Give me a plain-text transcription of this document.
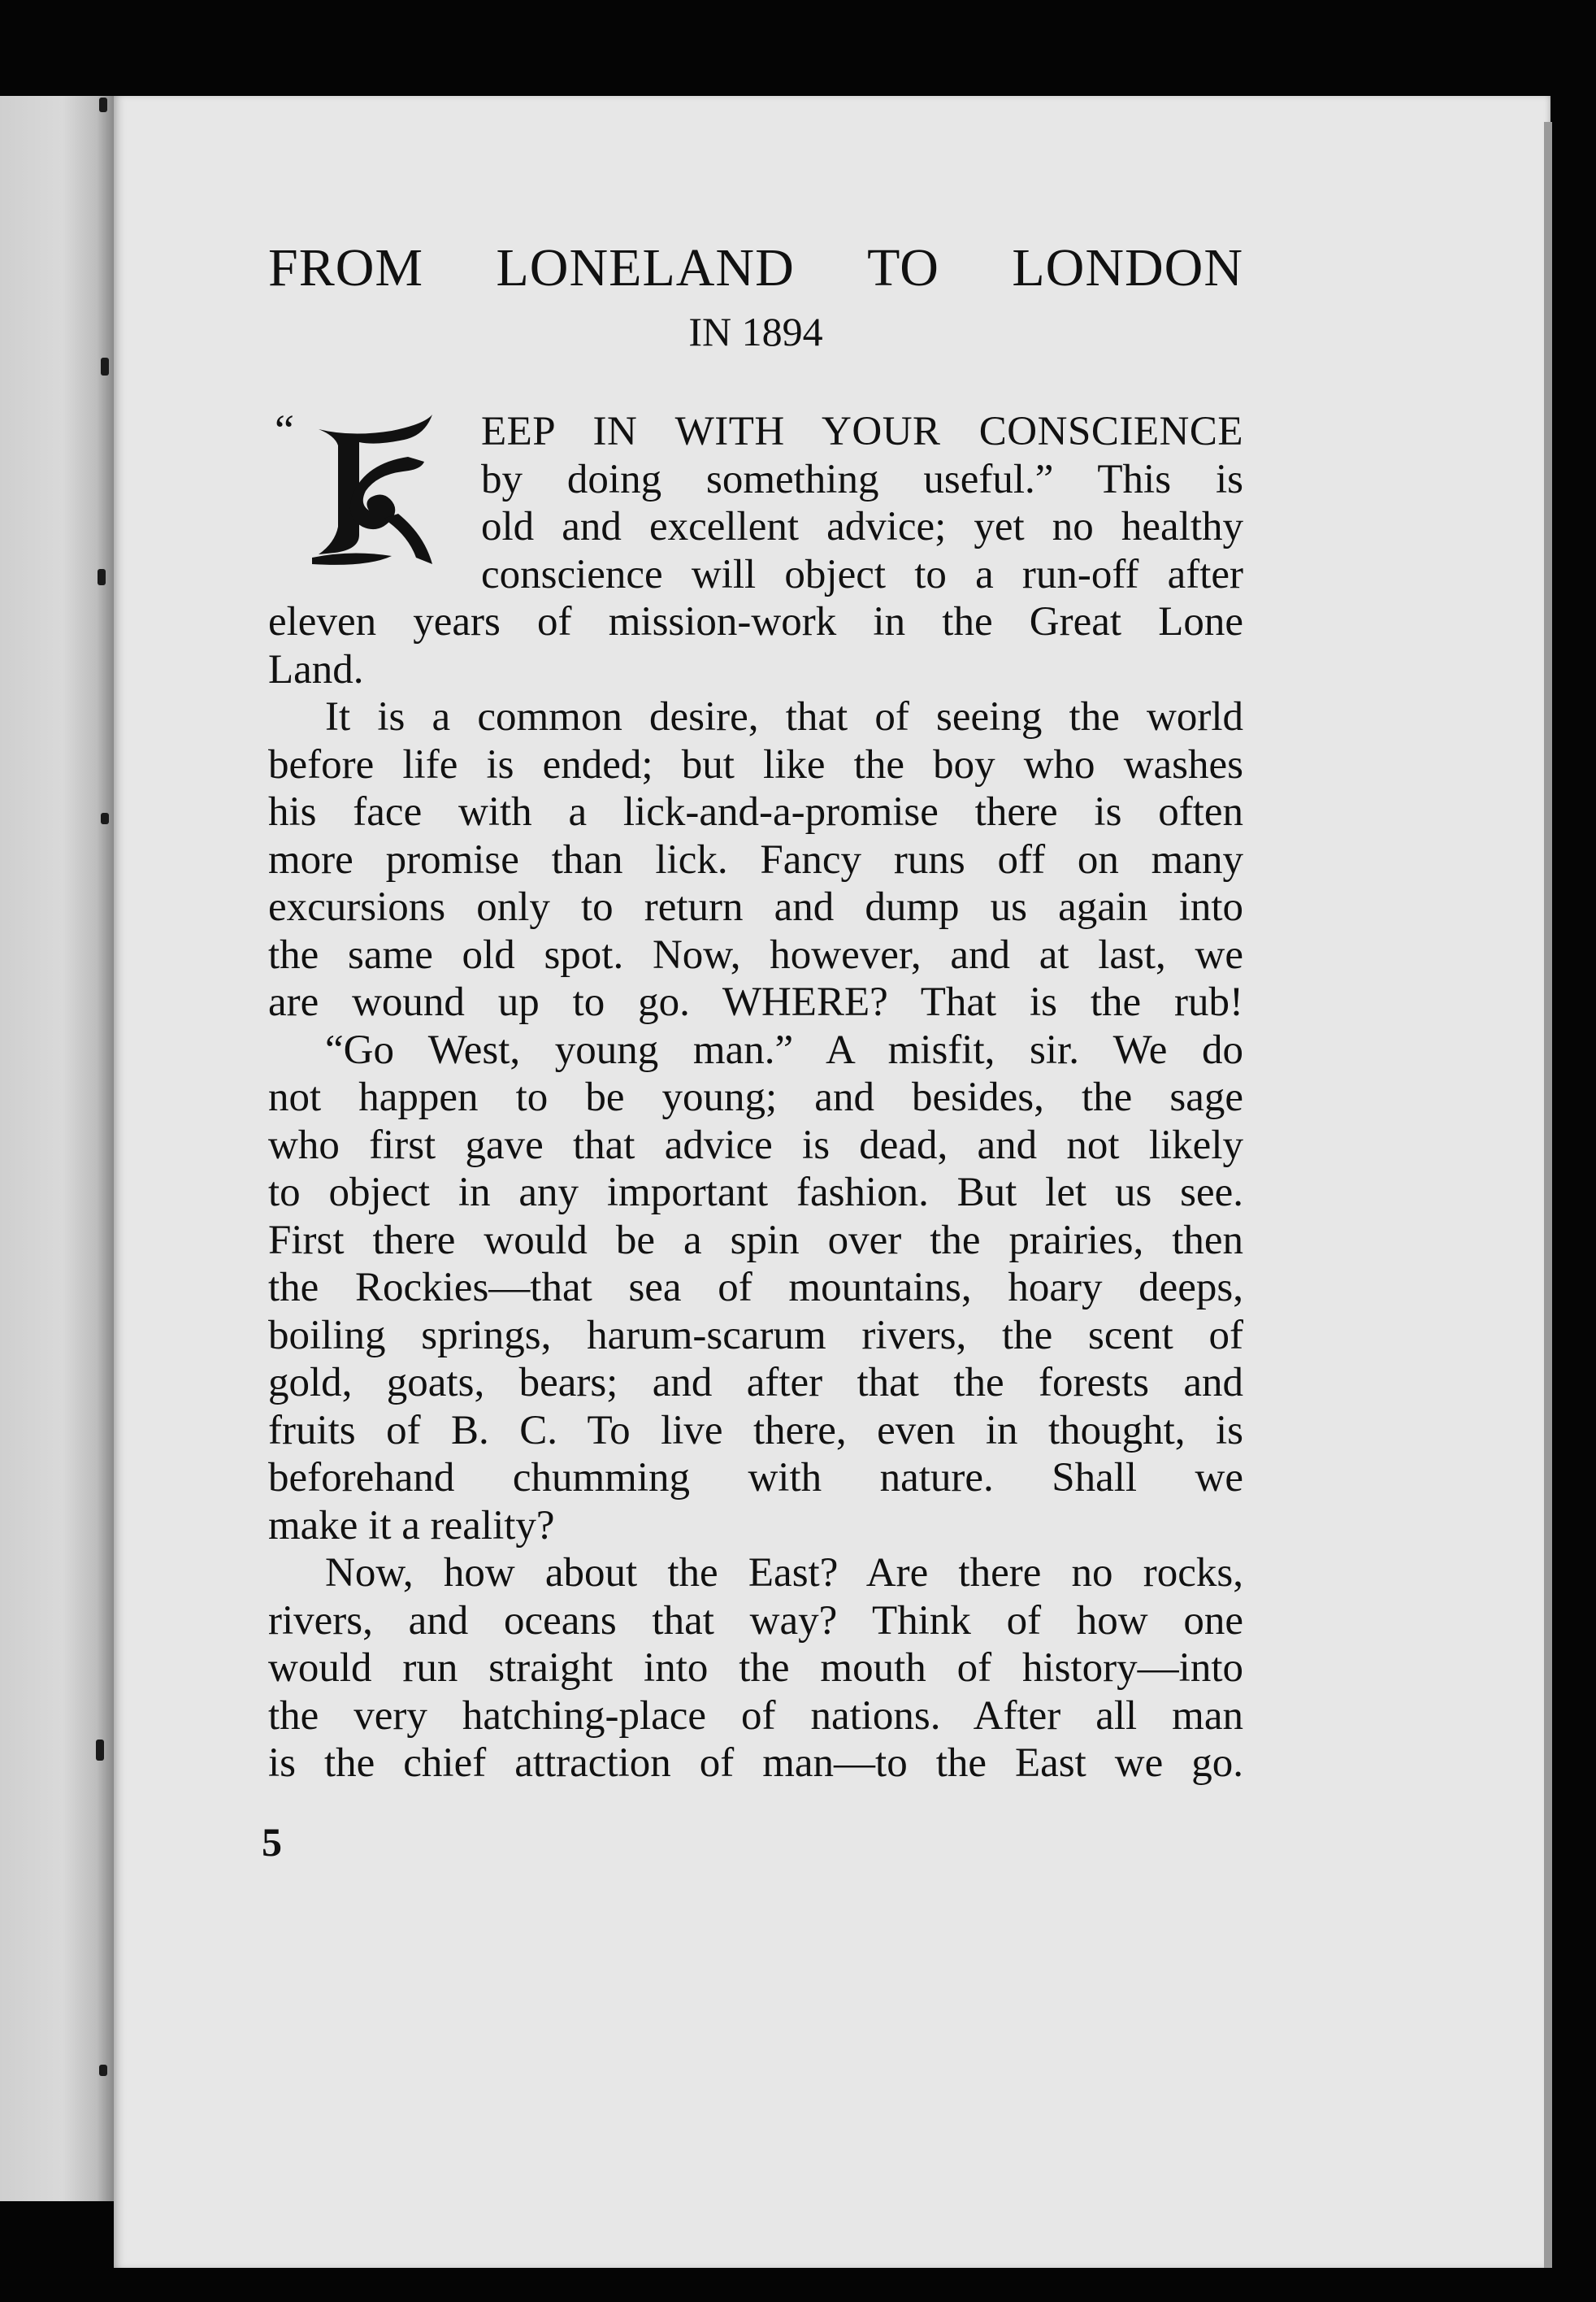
FROM LONELAND TO LONDON
IN 1894
“	EEP IN WITH YOUR CONSCIENCE
by doing something useful.” This is
old and excellent advice; yet no healthy
conscience will object to a run-off after
eleven years of mission-work in the Great Lone
Land.
It is a common desire, that of seeing the world
before life is ended; but like the boy who washes
his face with a lick-and-a-promise there is often
more promise than lick. Fancy runs off on many
excursions only to return and dump us again into
the same old spot. Now, however, and at last, we
are wound up to go. WHERE? That is the rub!
“Go West, young man.” A misfit, sir. We do
not happen to be young; and besides, the sage
who first gave that advice is dead, and not likely
to object in any important fashion. But let us see.
First there would be a spin over the prairies, then
the Rockies—that sea of mountains, hoary deeps,
boiling springs, harum-scarum rivers, the scent of
gold, goats, bears; and after that the forests and
fruits of B. C. To live there, even in thought, is
beforehand chumming with nature. Shall we
make it a reality?
Now, how about the East? Are there no rocks,
rivers, and oceans that way? Think of how one
would run straight into the mouth of history—into
the very hatching-place of nations. After all man
is the chief attraction of man—to the East we go.
5
